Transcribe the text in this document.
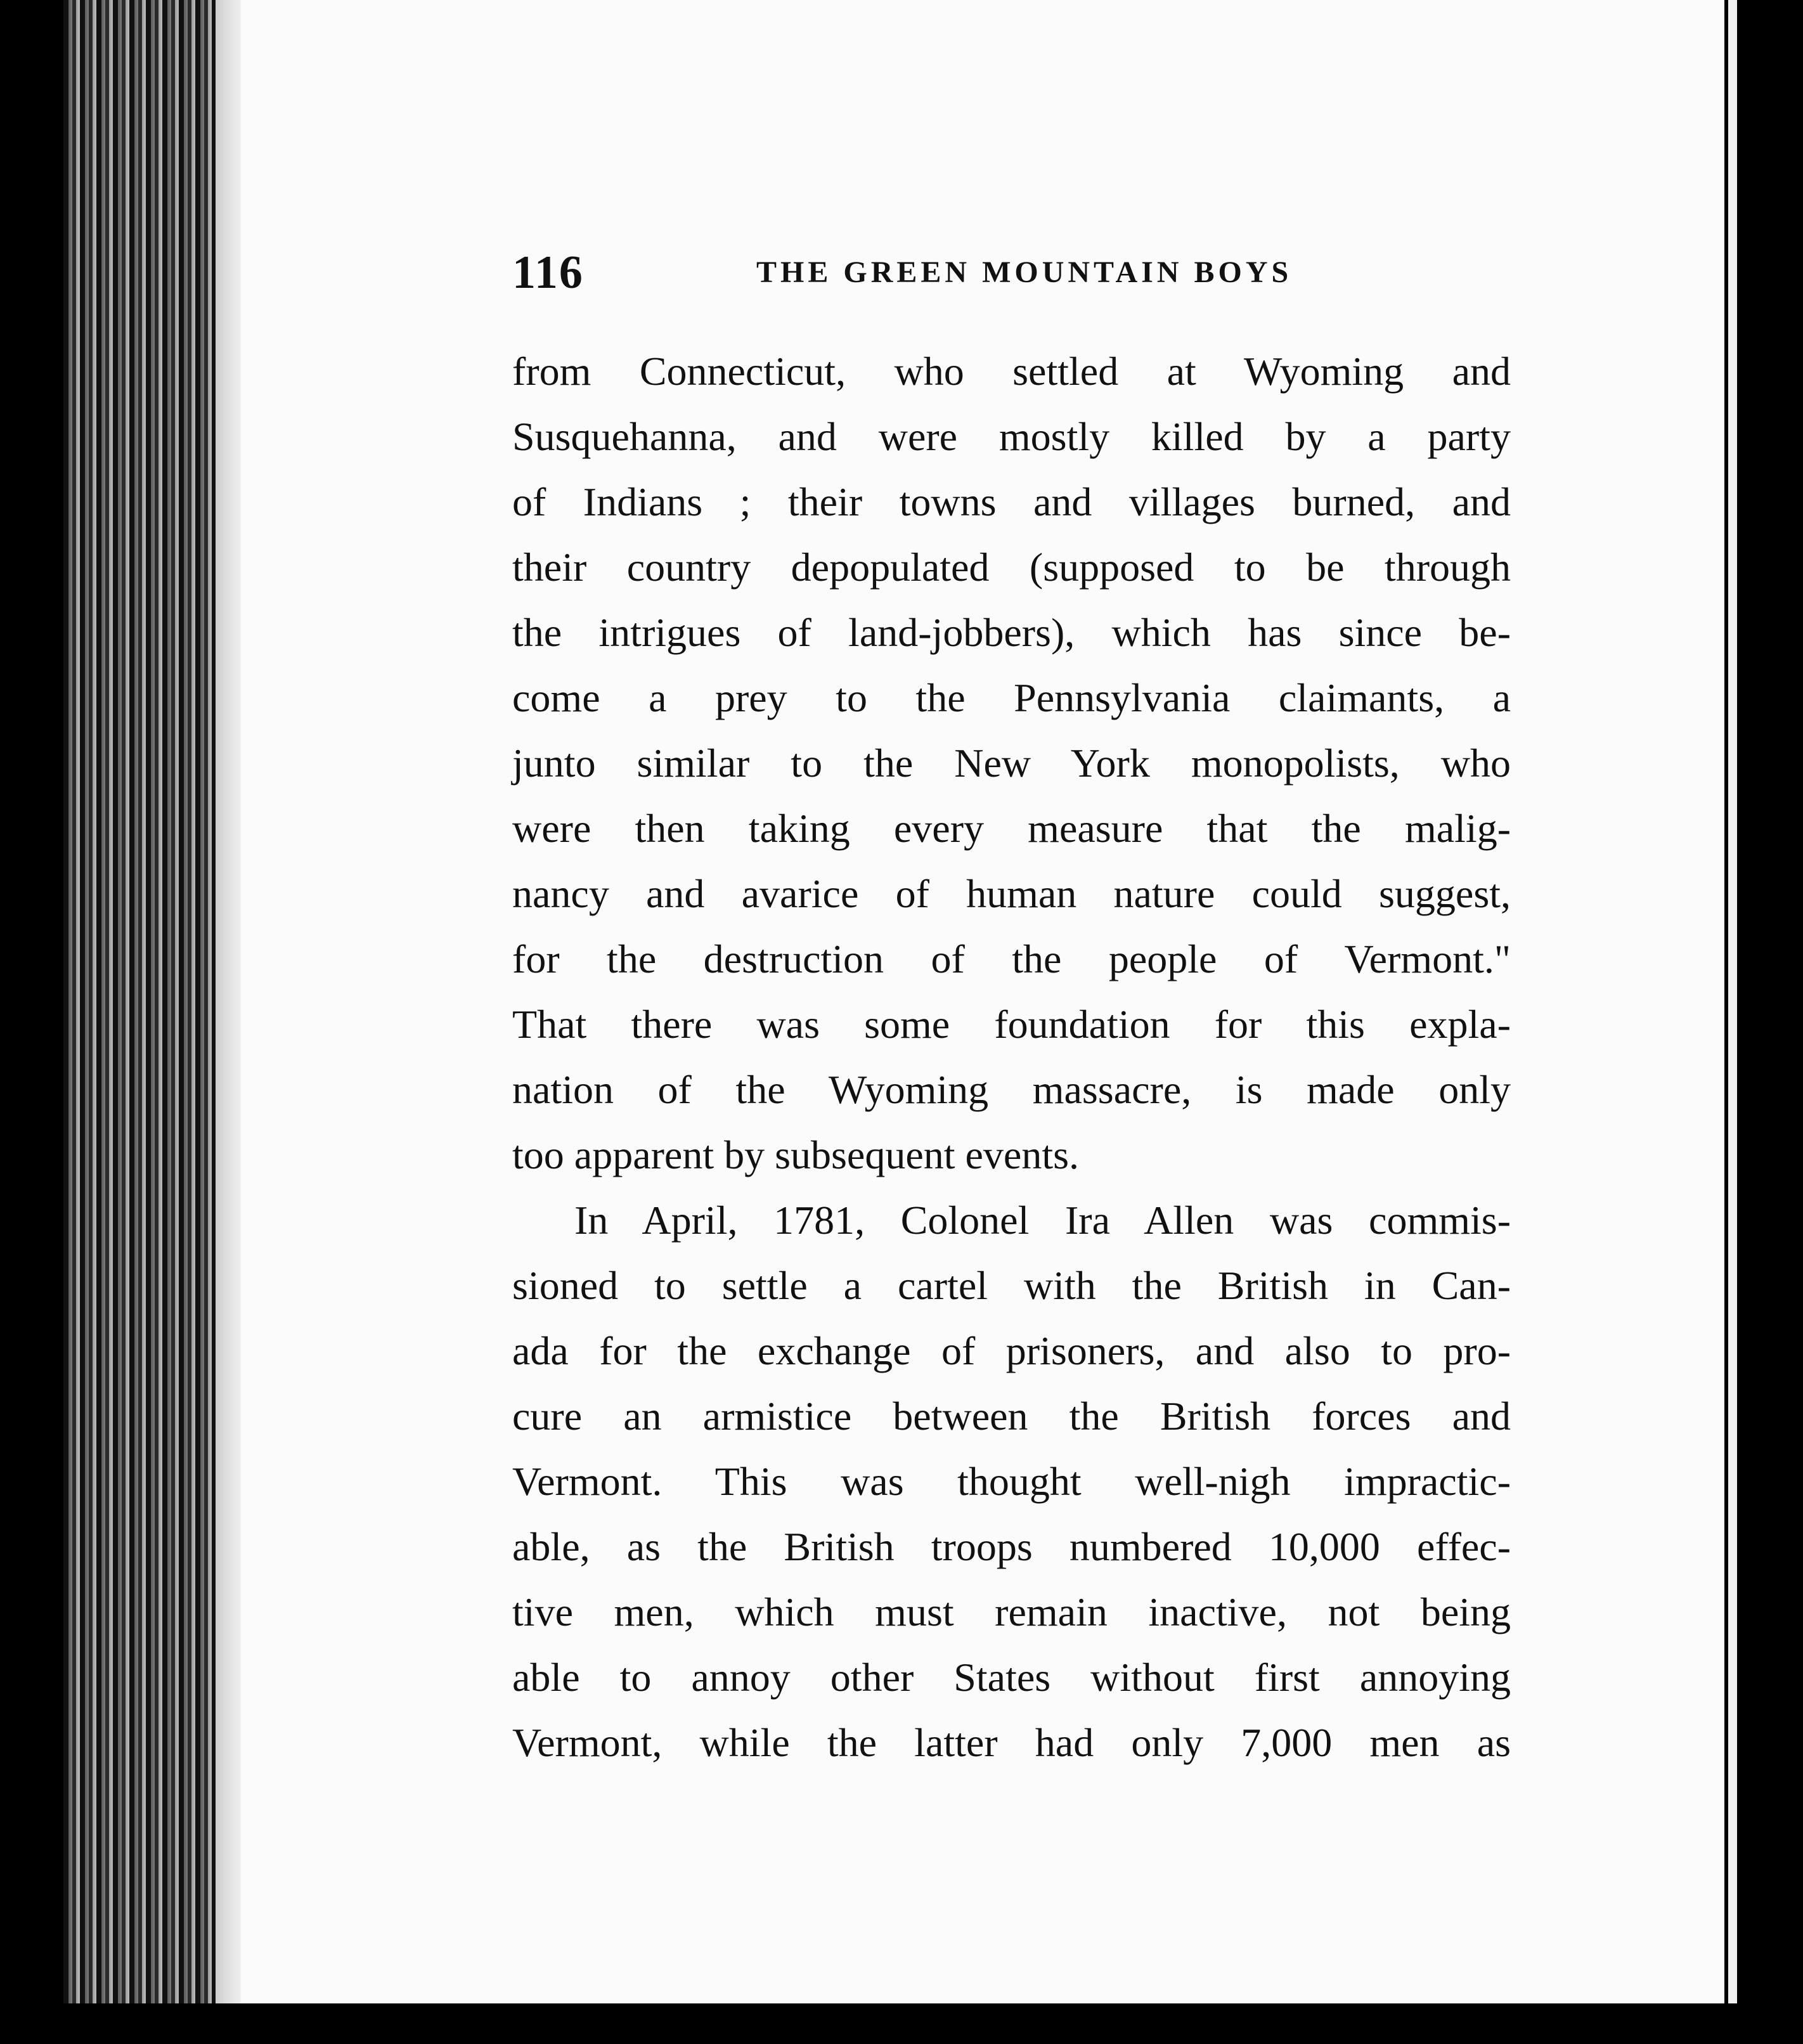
116	THE GREEN MOUNTAIN BOYS
from Connecticut, who settled at Wyoming and
Susquehanna, and were mostly killed by a party
of Indians ; their towns and villages burned, and
their country depopulated (supposed to be through
the intrigues of land-jobbers), which has since be-
come a prey to the Pennsylvania claimants, a
junto similar to the New York monopolists, who
were then taking every measure that the malig-
nancy and avarice of human nature could suggest,
for the destruction of the people of Vermont."
That there was some foundation for this expla-
nation of the Wyoming massacre, is made only
too apparent by subsequent events.
In April, 1781, Colonel Ira Allen was commis-
sioned to settle a cartel with the British in Can-
ada for the exchange of prisoners, and also to pro-
cure an armistice between the British forces and
Vermont. This was thought well-nigh impractic-
able, as the British troops numbered 10,000 effec-
tive men, which must remain inactive, not being
able to annoy other States without first annoying
Vermont, while the latter had only 7,000 men as
